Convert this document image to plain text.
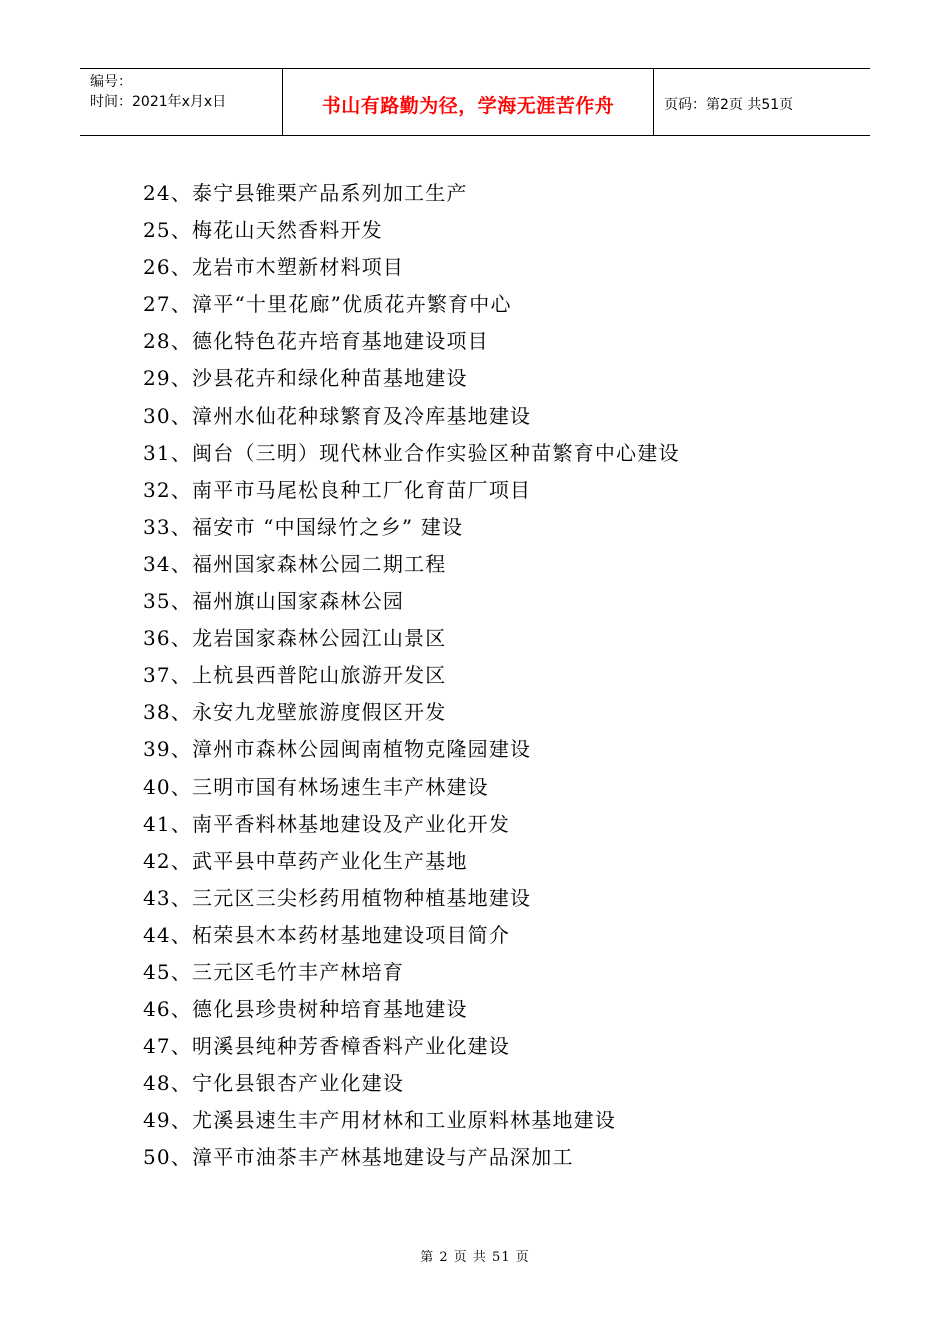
编号：
时间：2021年x月x日	书山有路勤为径，学海无涯苦作舟	页码：第2页 共51页
24、泰宁县锥栗产品系列加工生产
25、梅花山天然香料开发
26、龙岩市木塑新材料项目
27、漳平“十里花廊”优质花卉繁育中心
28、德化特色花卉培育基地建设项目
29、沙县花卉和绿化种苗基地建设
30、漳州水仙花种球繁育及冷库基地建设
31、闽台（三明）现代林业合作实验区种苗繁育中心建设
32、南平市马尾松良种工厂化育苗厂项目
33、福安市 “中国绿竹之乡” 建设
34、福州国家森林公园二期工程
35、福州旗山国家森林公园
36、龙岩国家森林公园江山景区
37、上杭县西普陀山旅游开发区
38、永安九龙壁旅游度假区开发
39、漳州市森林公园闽南植物克隆园建设
40、三明市国有林场速生丰产林建设
41、南平香料林基地建设及产业化开发
42、武平县中草药产业化生产基地
43、三元区三尖杉药用植物种植基地建设
44、柘荣县木本药材基地建设项目简介
45、三元区毛竹丰产林培育
46、德化县珍贵树种培育基地建设
47、明溪县纯种芳香樟香料产业化建设
48、宁化县银杏产业化建设
49、尤溪县速生丰产用材林和工业原料林基地建设
50、漳平市油茶丰产林基地建设与产品深加工
第 2 页 共 51 页
